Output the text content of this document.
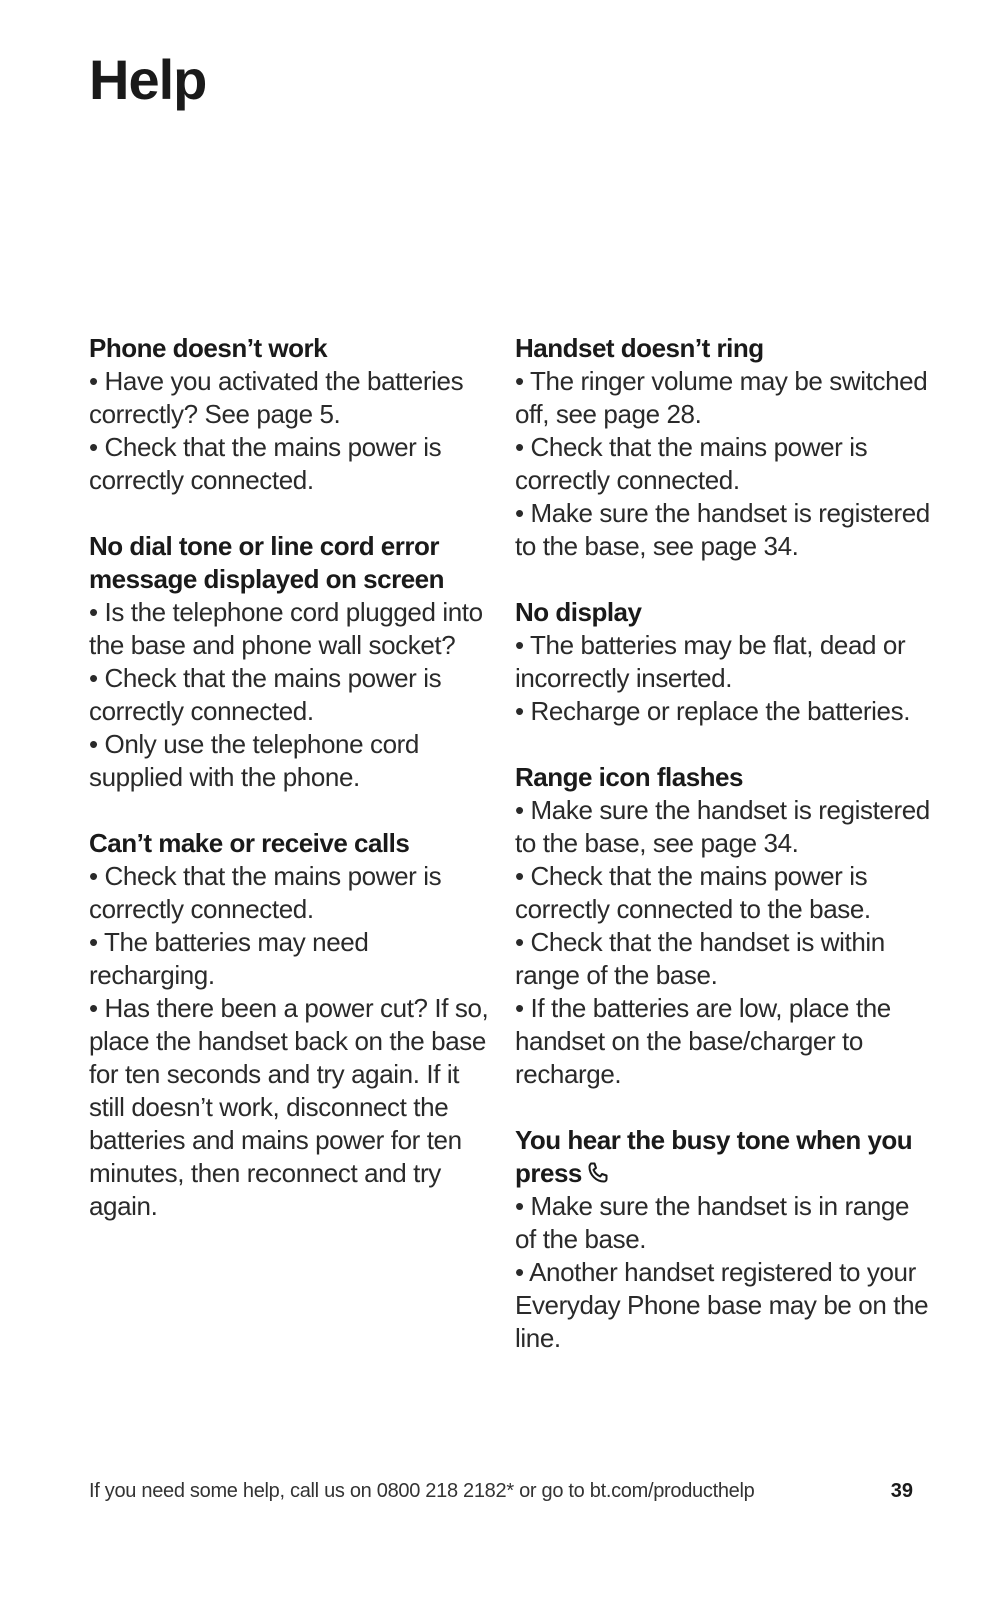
Help

Phone doesn’t work

• Have you activated the batteries correctly? See page 5.

• Check that the mains power is correctly connected.

No dial tone or line cord error message displayed on screen

• Is the telephone cord plugged into the base and phone wall socket?

• Check that the mains power is correctly connected.

• Only use the telephone cord supplied with the phone.

Can’t make or receive calls

• Check that the mains power is correctly connected.

• The batteries may need recharging.

• Has there been a power cut? If so, place the handset back on the base for ten seconds and try again. If it still doesn’t work, disconnect the batteries and mains power for ten minutes, then reconnect and try again.

Handset doesn’t ring

• The ringer volume may be switched off, see page 28.

• Check that the mains power is correctly connected.

• Make sure the handset is registered to the base, see page 34.

No display

• The batteries may be flat, dead or incorrectly inserted.

• Recharge or replace the batteries.

Range icon flashes

• Make sure the handset is registered to the base, see page 34.

• Check that the mains power is correctly connected to the base.

• Check that the handset is within range of the base.

• If the batteries are low, place the handset on the base/charger to recharge.

You hear the busy tone when you press

• Make sure the handset is in range of the base.

• Another handset registered to your Everyday Phone base may be on the line.

If you need some help, call us on 0800 218 2182* or go to bt.com/producthelp	39
